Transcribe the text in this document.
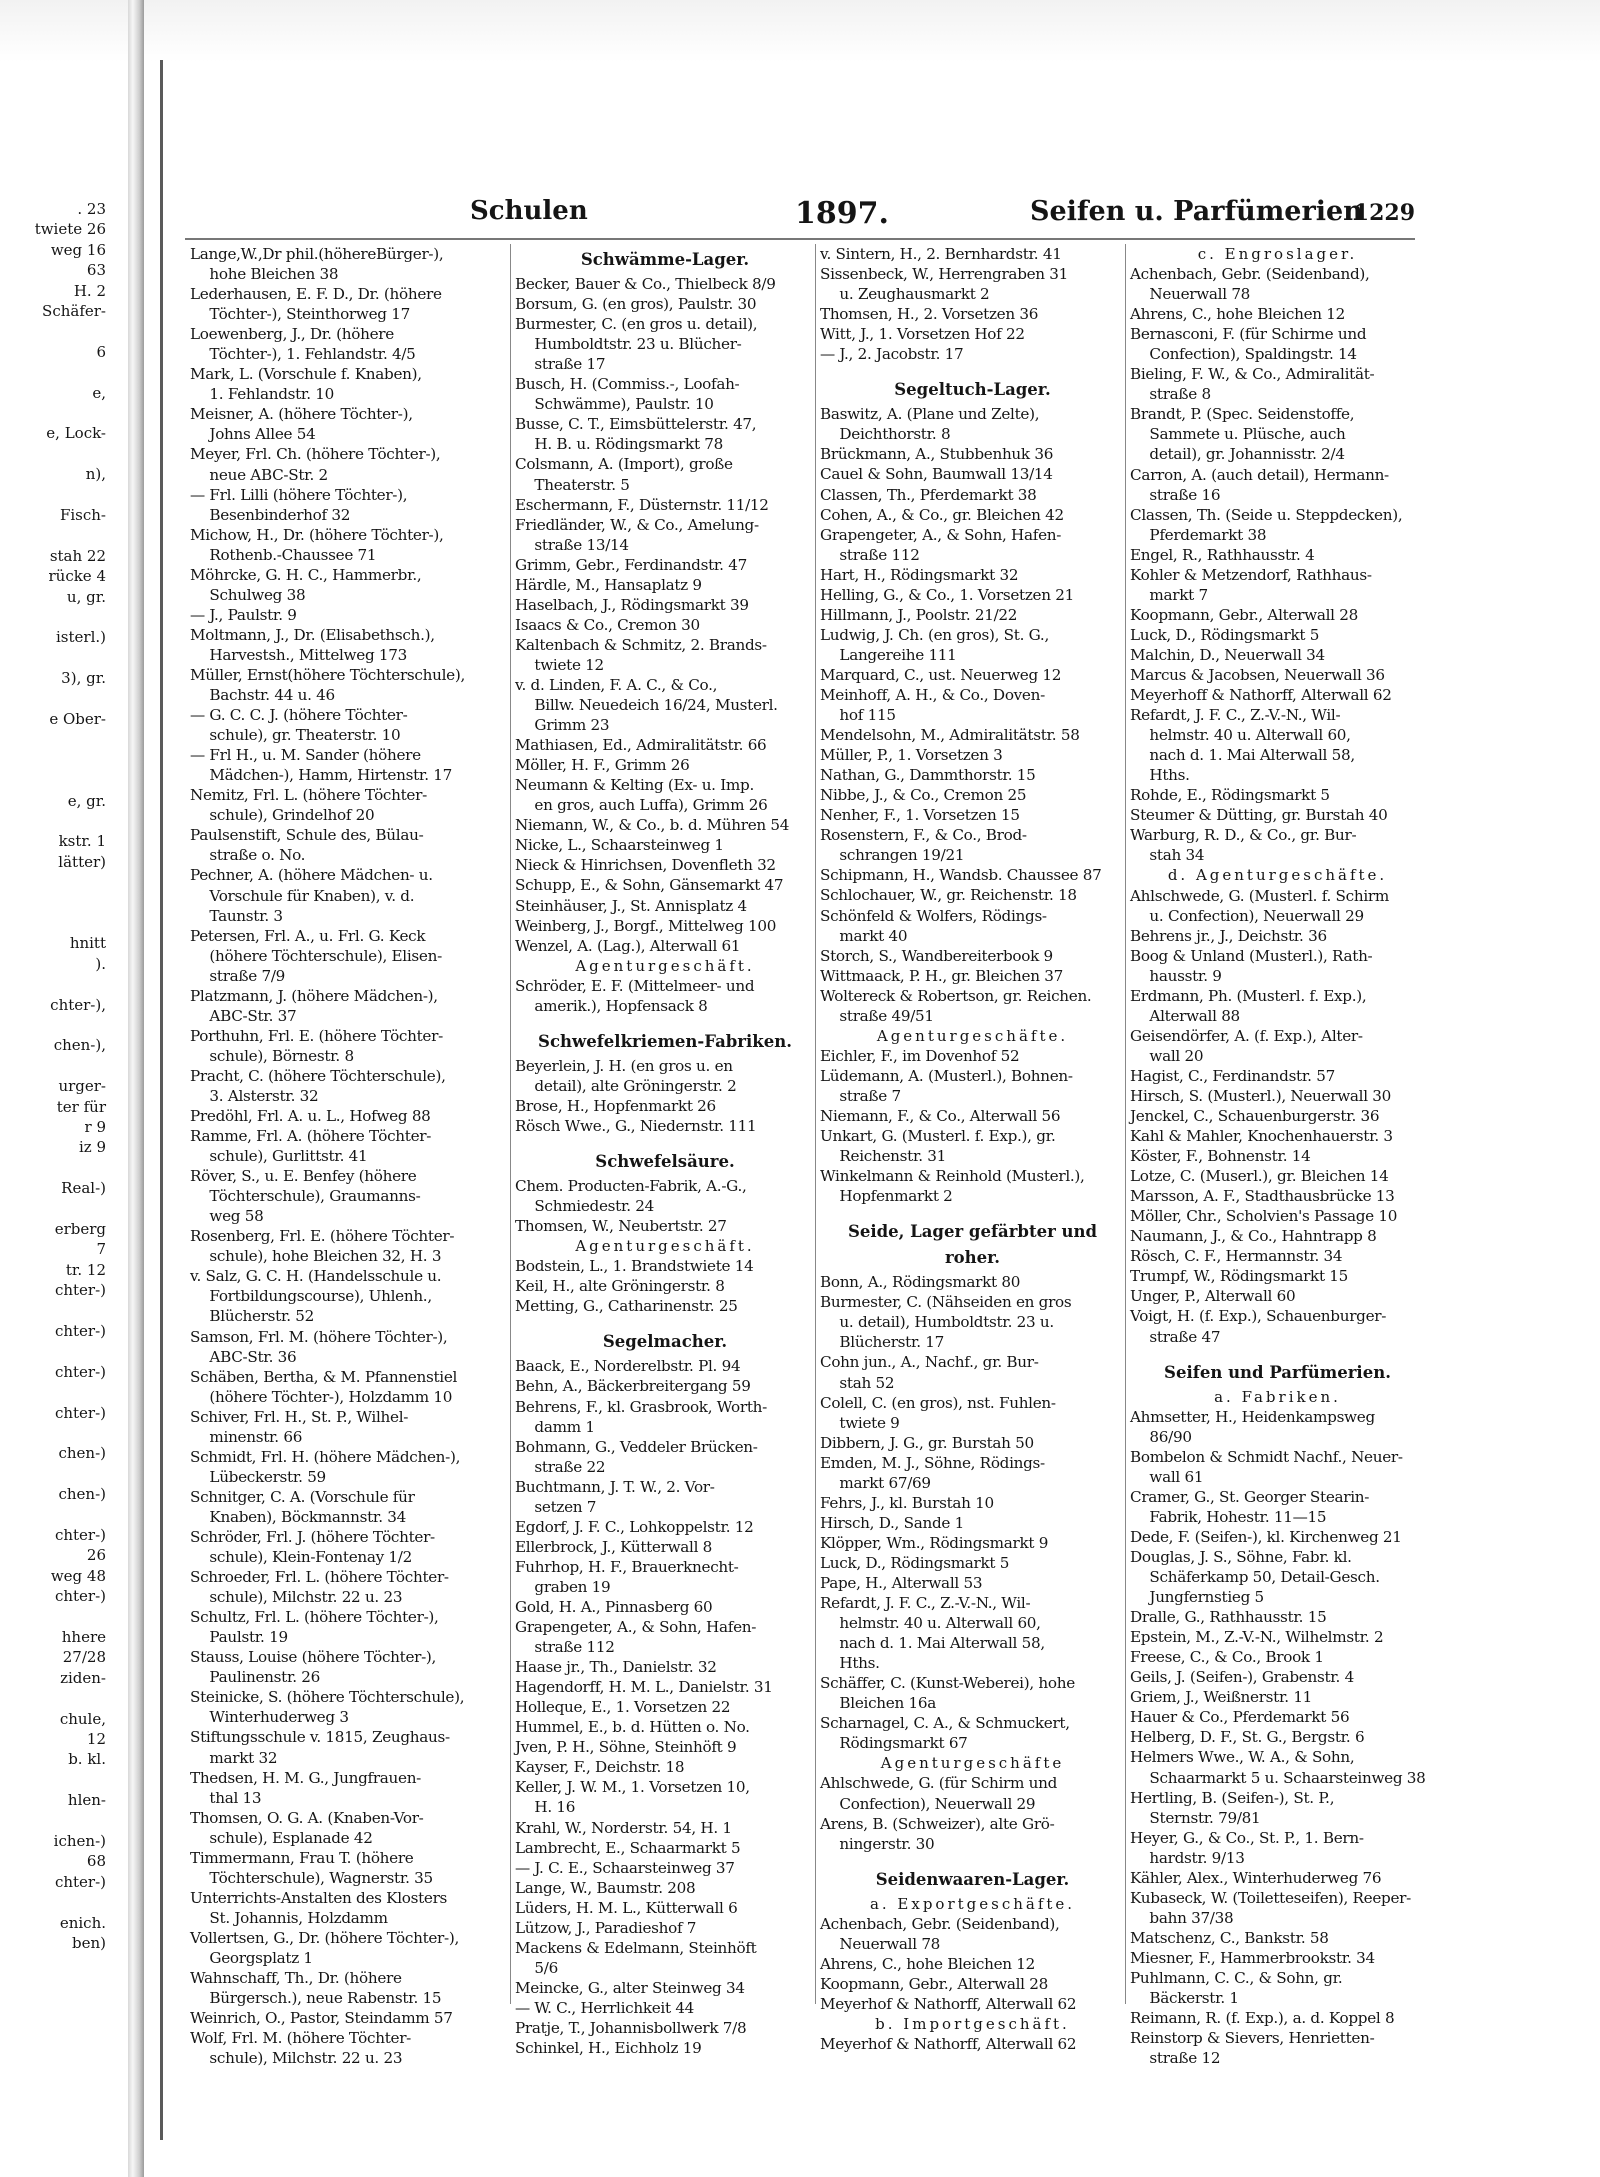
. 23
twiete 26
weg 16
63
H. 2
Schäfer-
6
e,
e, Lock-
n),
Fisch-
stah 22
rücke 4
u, gr.
isterl.)
3), gr.
e Ober-
e, gr.
kstr. 1
lätter)
hnitt
).
chter-),
chen-),
urger-
ter für
r 9
iz 9
Real-)
erberg
7
tr. 12
chter-)
chter-)
chter-)
chter-)
chen-)
chen-)
chter-)
26
weg 48
chter-)
hhere
27/28
ziden-
chule,
12
b. kl.
hlen-
ichen-)
68
chter-)
enich.
ben)
Schulen	1897.	Seifen u. Parfümerien
1229
Lange,W.,Dr phil.(höhereBürger-),
  hohe Bleichen 38
Lederhausen, E. F. D., Dr. (höhere
  Töchter-), Steinthorweg 17
Loewenberg, J., Dr. (höhere
  Töchter-), 1. Fehlandstr. 4/5
Mark, L. (Vorschule f. Knaben),
  1. Fehlandstr. 10
Meisner, A. (höhere Töchter-),
  Johns Allee 54
Meyer, Frl. Ch. (höhere Töchter-),
  neue ABC-Str. 2
— Frl. Lilli (höhere Töchter-),
  Besenbinderhof 32
Michow, H., Dr. (höhere Töchter-),
  Rothenb.-Chaussee 71
Möhrcke, G. H. C., Hammerbr.,
  Schulweg 38
— J., Paulstr. 9
Moltmann, J., Dr. (Elisabethsch.),
  Harvestsh., Mittelweg 173
Müller, Ernst(höhere Töchterschule),
  Bachstr. 44 u. 46
— G. C. C. J. (höhere Töchter-
  schule), gr. Theaterstr. 10
— Frl H., u. M. Sander (höhere
  Mädchen-), Hamm, Hirtenstr. 17
Nemitz, Frl. L. (höhere Töchter-
  schule), Grindelhof 20
Paulsenstift, Schule des, Bülau-
  straße o. No.
Pechner, A. (höhere Mädchen- u.
  Vorschule für Knaben), v. d.
  Taunstr. 3
Petersen, Frl. A., u. Frl. G. Keck
  (höhere Töchterschule), Elisen-
  straße 7/9
Platzmann, J. (höhere Mädchen-),
  ABC-Str. 37
Porthuhn, Frl. E. (höhere Töchter-
  schule), Börnestr. 8
Pracht, C. (höhere Töchterschule),
  3. Alsterstr. 32
Predöhl, Frl. A. u. L., Hofweg 88
Ramme, Frl. A. (höhere Töchter-
  schule), Gurlittstr. 41
Röver, S., u. E. Benfey (höhere
  Töchterschule), Graumanns-
  weg 58
Rosenberg, Frl. E. (höhere Töchter-
  schule), hohe Bleichen 32, H. 3
v. Salz, G. C. H. (Handelsschule u.
  Fortbildungscourse), Uhlenh.,
  Blücherstr. 52
Samson, Frl. M. (höhere Töchter-),
  ABC-Str. 36
Schäben, Bertha, & M. Pfannenstiel
  (höhere Töchter-), Holzdamm 10
Schiver, Frl. H., St. P., Wilhel-
  minenstr. 66
Schmidt, Frl. H. (höhere Mädchen-),
  Lübeckerstr. 59
Schnitger, C. A. (Vorschule für
  Knaben), Böckmannstr. 34
Schröder, Frl. J. (höhere Töchter-
  schule), Klein-Fontenay 1/2
Schroeder, Frl. L. (höhere Töchter-
  schule), Milchstr. 22 u. 23
Schultz, Frl. L. (höhere Töchter-),
  Paulstr. 19
Stauss, Louise (höhere Töchter-),
  Paulinenstr. 26
Steinicke, S. (höhere Töchterschule),
  Winterhuderweg 3
Stiftungsschule v. 1815, Zeughaus-
  markt 32
Thedsen, H. M. G., Jungfrauen-
  thal 13
Thomsen, O. G. A. (Knaben-Vor-
  schule), Esplanade 42
Timmermann, Frau T. (höhere
  Töchterschule), Wagnerstr. 35
Unterrichts-Anstalten des Klosters
  St. Johannis, Holzdamm
Vollertsen, G., Dr. (höhere Töchter-),
  Georgsplatz 1
Wahnschaff, Th., Dr. (höhere
  Bürgersch.), neue Rabenstr. 15
Weinrich, O., Pastor, Steindamm 57
Wolf, Frl. M. (höhere Töchter-
  schule), Milchstr. 22 u. 23
Schwämme-Lager.
Becker, Bauer & Co., Thielbeck 8/9
Borsum, G. (en gros), Paulstr. 30
Burmester, C. (en gros u. detail),
  Humboldtstr. 23 u. Blücher-
  straße 17
Busch, H. (Commiss.-, Loofah-
  Schwämme), Paulstr. 10
Busse, C. T., Eimsbüttelerstr. 47,
  H. B. u. Rödingsmarkt 78
Colsmann, A. (Import), große
  Theaterstr. 5
Eschermann, F., Düsternstr. 11/12
Friedländer, W., & Co., Amelung-
  straße 13/14
Grimm, Gebr., Ferdinandstr. 47
Härdle, M., Hansaplatz 9
Haselbach, J., Rödingsmarkt 39
Isaacs & Co., Cremon 30
Kaltenbach & Schmitz, 2. Brands-
  twiete 12
v. d. Linden, F. A. C., & Co.,
  Billw. Neuedeich 16/24, Musterl.
  Grimm 23
Mathiasen, Ed., Admiralitätstr. 66
Möller, H. F., Grimm 26
Neumann & Kelting (Ex- u. Imp.
  en gros, auch Luffa), Grimm 26
Niemann, W., & Co., b. d. Mühren 54
Nicke, L., Schaarsteinweg 1
Nieck & Hinrichsen, Dovenfleth 32
Schupp, E., & Sohn, Gänsemarkt 47
Steinhäuser, J., St. Annisplatz 4
Weinberg, J., Borgf., Mittelweg 100
Wenzel, A. (Lag.), Alterwall 61
Agenturgeschäft.
Schröder, E. F. (Mittelmeer- und
  amerik.), Hopfensack 8
Schwefelkriemen-Fabriken.
Beyerlein, J. H. (en gros u. en
  detail), alte Gröningerstr. 2
Brose, H., Hopfenmarkt 26
Rösch Wwe., G., Niedernstr. 111
Schwefelsäure.
Chem. Producten-Fabrik, A.-G.,
  Schmiedestr. 24
Thomsen, W., Neubertstr. 27
Agenturgeschäft.
Bodstein, L., 1. Brandstwiete 14
Keil, H., alte Gröningerstr. 8
Metting, G., Catharinenstr. 25
Segelmacher.
Baack, E., Norderelbstr. Pl. 94
Behn, A., Bäckerbreitergang 59
Behrens, F., kl. Grasbrook, Worth-
  damm 1
Bohmann, G., Veddeler Brücken-
  straße 22
Buchtmann, J. T. W., 2. Vor-
  setzen 7
Egdorf, J. F. C., Lohkoppelstr. 12
Ellerbrock, J., Kütterwall 8
Fuhrhop, H. F., Brauerknecht-
  graben 19
Gold, H. A., Pinnasberg 60
Grapengeter, A., & Sohn, Hafen-
  straße 112
Haase jr., Th., Danielstr. 32
Hagendorff, H. M. L., Danielstr. 31
Holleque, E., 1. Vorsetzen 22
Hummel, E., b. d. Hütten o. No.
Jven, P. H., Söhne, Steinhöft 9
Kayser, F., Deichstr. 18
Keller, J. W. M., 1. Vorsetzen 10,
  H. 16
Krahl, W., Norderstr. 54, H. 1
Lambrecht, E., Schaarmarkt 5
— J. C. E., Schaarsteinweg 37
Lange, W., Baumstr. 208
Lüders, H. M. L., Kütterwall 6
Lützow, J., Paradieshof 7
Mackens & Edelmann, Steinhöft
  5/6
Meincke, G., alter Steinweg 34
— W. C., Herrlichkeit 44
Pratje, T., Johannisbollwerk 7/8
Schinkel, H., Eichholz 19
v. Sintern, H., 2. Bernhardstr. 41
Sissenbeck, W., Herrengraben 31
  u. Zeughausmarkt 2
Thomsen, H., 2. Vorsetzen 36
Witt, J., 1. Vorsetzen Hof 22
— J., 2. Jacobstr. 17
Segeltuch-Lager.
Baswitz, A. (Plane und Zelte),
  Deichthorstr. 8
Brückmann, A., Stubbenhuk 36
Cauel & Sohn, Baumwall 13/14
Classen, Th., Pferdemarkt 38
Cohen, A., & Co., gr. Bleichen 42
Grapengeter, A., & Sohn, Hafen-
  straße 112
Hart, H., Rödingsmarkt 32
Helling, G., & Co., 1. Vorsetzen 21
Hillmann, J., Poolstr. 21/22
Ludwig, J. Ch. (en gros), St. G.,
  Langereihe 111
Marquard, C., ust. Neuerweg 12
Meinhoff, A. H., & Co., Doven-
  hof 115
Mendelsohn, M., Admiralitätstr. 58
Müller, P., 1. Vorsetzen 3
Nathan, G., Dammthorstr. 15
Nibbe, J., & Co., Cremon 25
Nenher, F., 1. Vorsetzen 15
Rosenstern, F., & Co., Brod-
  schrangen 19/21
Schipmann, H., Wandsb. Chaussee 87
Schlochauer, W., gr. Reichenstr. 18
Schönfeld & Wolfers, Rödings-
  markt 40
Storch, S., Wandbereiterbook 9
Wittmaack, P. H., gr. Bleichen 37
Woltereck & Robertson, gr. Reichen.
  straße 49/51
Agenturgeschäfte.
Eichler, F., im Dovenhof 52
Lüdemann, A. (Musterl.), Bohnen-
  straße 7
Niemann, F., & Co., Alterwall 56
Unkart, G. (Musterl. f. Exp.), gr.
  Reichenstr. 31
Winkelmann & Reinhold (Musterl.),
  Hopfenmarkt 2
Seide, Lager gefärbter und
roher.
Bonn, A., Rödingsmarkt 80
Burmester, C. (Nähseiden en gros
  u. detail), Humboldtstr. 23 u.
  Blücherstr. 17
Cohn jun., A., Nachf., gr. Bur-
  stah 52
Colell, C. (en gros), nst. Fuhlen-
  twiete 9
Dibbern, J. G., gr. Burstah 50
Emden, M. J., Söhne, Rödings-
  markt 67/69
Fehrs, J., kl. Burstah 10
Hirsch, D., Sande 1
Klöpper, Wm., Rödingsmarkt 9
Luck, D., Rödingsmarkt 5
Pape, H., Alterwall 53
Refardt, J. F. C., Z.-V.-N., Wil-
  helmstr. 40 u. Alterwall 60,
  nach d. 1. Mai Alterwall 58,
  Hths.
Schäffer, C. (Kunst-Weberei), hohe
  Bleichen 16a
Scharnagel, C. A., & Schmuckert,
  Rödingsmarkt 67
Agenturgeschäfte
Ahlschwede, G. (für Schirm und
  Confection), Neuerwall 29
Arens, B. (Schweizer), alte Grö-
  ningerstr. 30
Seidenwaaren-Lager.
a. Exportgeschäfte.
Achenbach, Gebr. (Seidenband),
  Neuerwall 78
Ahrens, C., hohe Bleichen 12
Koopmann, Gebr., Alterwall 28
Meyerhof & Nathorff, Alterwall 62
b. Importgeschäft.
Meyerhof & Nathorff, Alterwall 62
c. Engroslager.
Achenbach, Gebr. (Seidenband),
  Neuerwall 78
Ahrens, C., hohe Bleichen 12
Bernasconi, F. (für Schirme und
  Confection), Spaldingstr. 14
Bieling, F. W., & Co., Admiralität-
  straße 8
Brandt, P. (Spec. Seidenstoffe,
  Sammete u. Plüsche, auch
  detail), gr. Johannisstr. 2/4
Carron, A. (auch detail), Hermann-
  straße 16
Classen, Th. (Seide u. Steppdecken),
  Pferdemarkt 38
Engel, R., Rathhausstr. 4
Kohler & Metzendorf, Rathhaus-
  markt 7
Koopmann, Gebr., Alterwall 28
Luck, D., Rödingsmarkt 5
Malchin, D., Neuerwall 34
Marcus & Jacobsen, Neuerwall 36
Meyerhoff & Nathorff, Alterwall 62
Refardt, J. F. C., Z.-V.-N., Wil-
  helmstr. 40 u. Alterwall 60,
  nach d. 1. Mai Alterwall 58,
  Hths.
Rohde, E., Rödingsmarkt 5
Steumer & Dütting, gr. Burstah 40
Warburg, R. D., & Co., gr. Bur-
  stah 34
d. Agenturgeschäfte.
Ahlschwede, G. (Musterl. f. Schirm
  u. Confection), Neuerwall 29
Behrens jr., J., Deichstr. 36
Boog & Unland (Musterl.), Rath-
  hausstr. 9
Erdmann, Ph. (Musterl. f. Exp.),
  Alterwall 88
Geisendörfer, A. (f. Exp.), Alter-
  wall 20
Hagist, C., Ferdinandstr. 57
Hirsch, S. (Musterl.), Neuerwall 30
Jenckel, C., Schauenburgerstr. 36
Kahl & Mahler, Knochenhauerstr. 3
Köster, F., Bohnenstr. 14
Lotze, C. (Muserl.), gr. Bleichen 14
Marsson, A. F., Stadthausbrücke 13
Möller, Chr., Scholvien's Passage 10
Naumann, J., & Co., Hahntrapp 8
Rösch, C. F., Hermannstr. 34
Trumpf, W., Rödingsmarkt 15
Unger, P., Alterwall 60
Voigt, H. (f. Exp.), Schauenburger-
  straße 47
Seifen und Parfümerien.
a. Fabriken.
Ahmsetter, H., Heidenkampsweg
  86/90
Bombelon & Schmidt Nachf., Neuer-
  wall 61
Cramer, G., St. Georger Stearin-
  Fabrik, Hohestr. 11—15
Dede, F. (Seifen-), kl. Kirchenweg 21
Douglas, J. S., Söhne, Fabr. kl.
  Schäferkamp 50, Detail-Gesch.
  Jungfernstieg 5
Dralle, G., Rathhausstr. 15
Epstein, M., Z.-V.-N., Wilhelmstr. 2
Freese, C., & Co., Brook 1
Geils, J. (Seifen-), Grabenstr. 4
Griem, J., Weißnerstr. 11
Hauer & Co., Pferdemarkt 56
Helberg, D. F., St. G., Bergstr. 6
Helmers Wwe., W. A., & Sohn,
  Schaarmarkt 5 u. Schaarsteinweg 38
Hertling, B. (Seifen-), St. P.,
  Sternstr. 79/81
Heyer, G., & Co., St. P., 1. Bern-
  hardstr. 9/13
Kähler, Alex., Winterhuderweg 76
Kubaseck, W. (Toiletteseifen), Reeper-
  bahn 37/38
Matschenz, C., Bankstr. 58
Miesner, F., Hammerbrookstr. 34
Puhlmann, C. C., & Sohn, gr.
  Bäckerstr. 1
Reimann, R. (f. Exp.), a. d. Koppel 8
Reinstorp & Sievers, Henrietten-
  straße 12
